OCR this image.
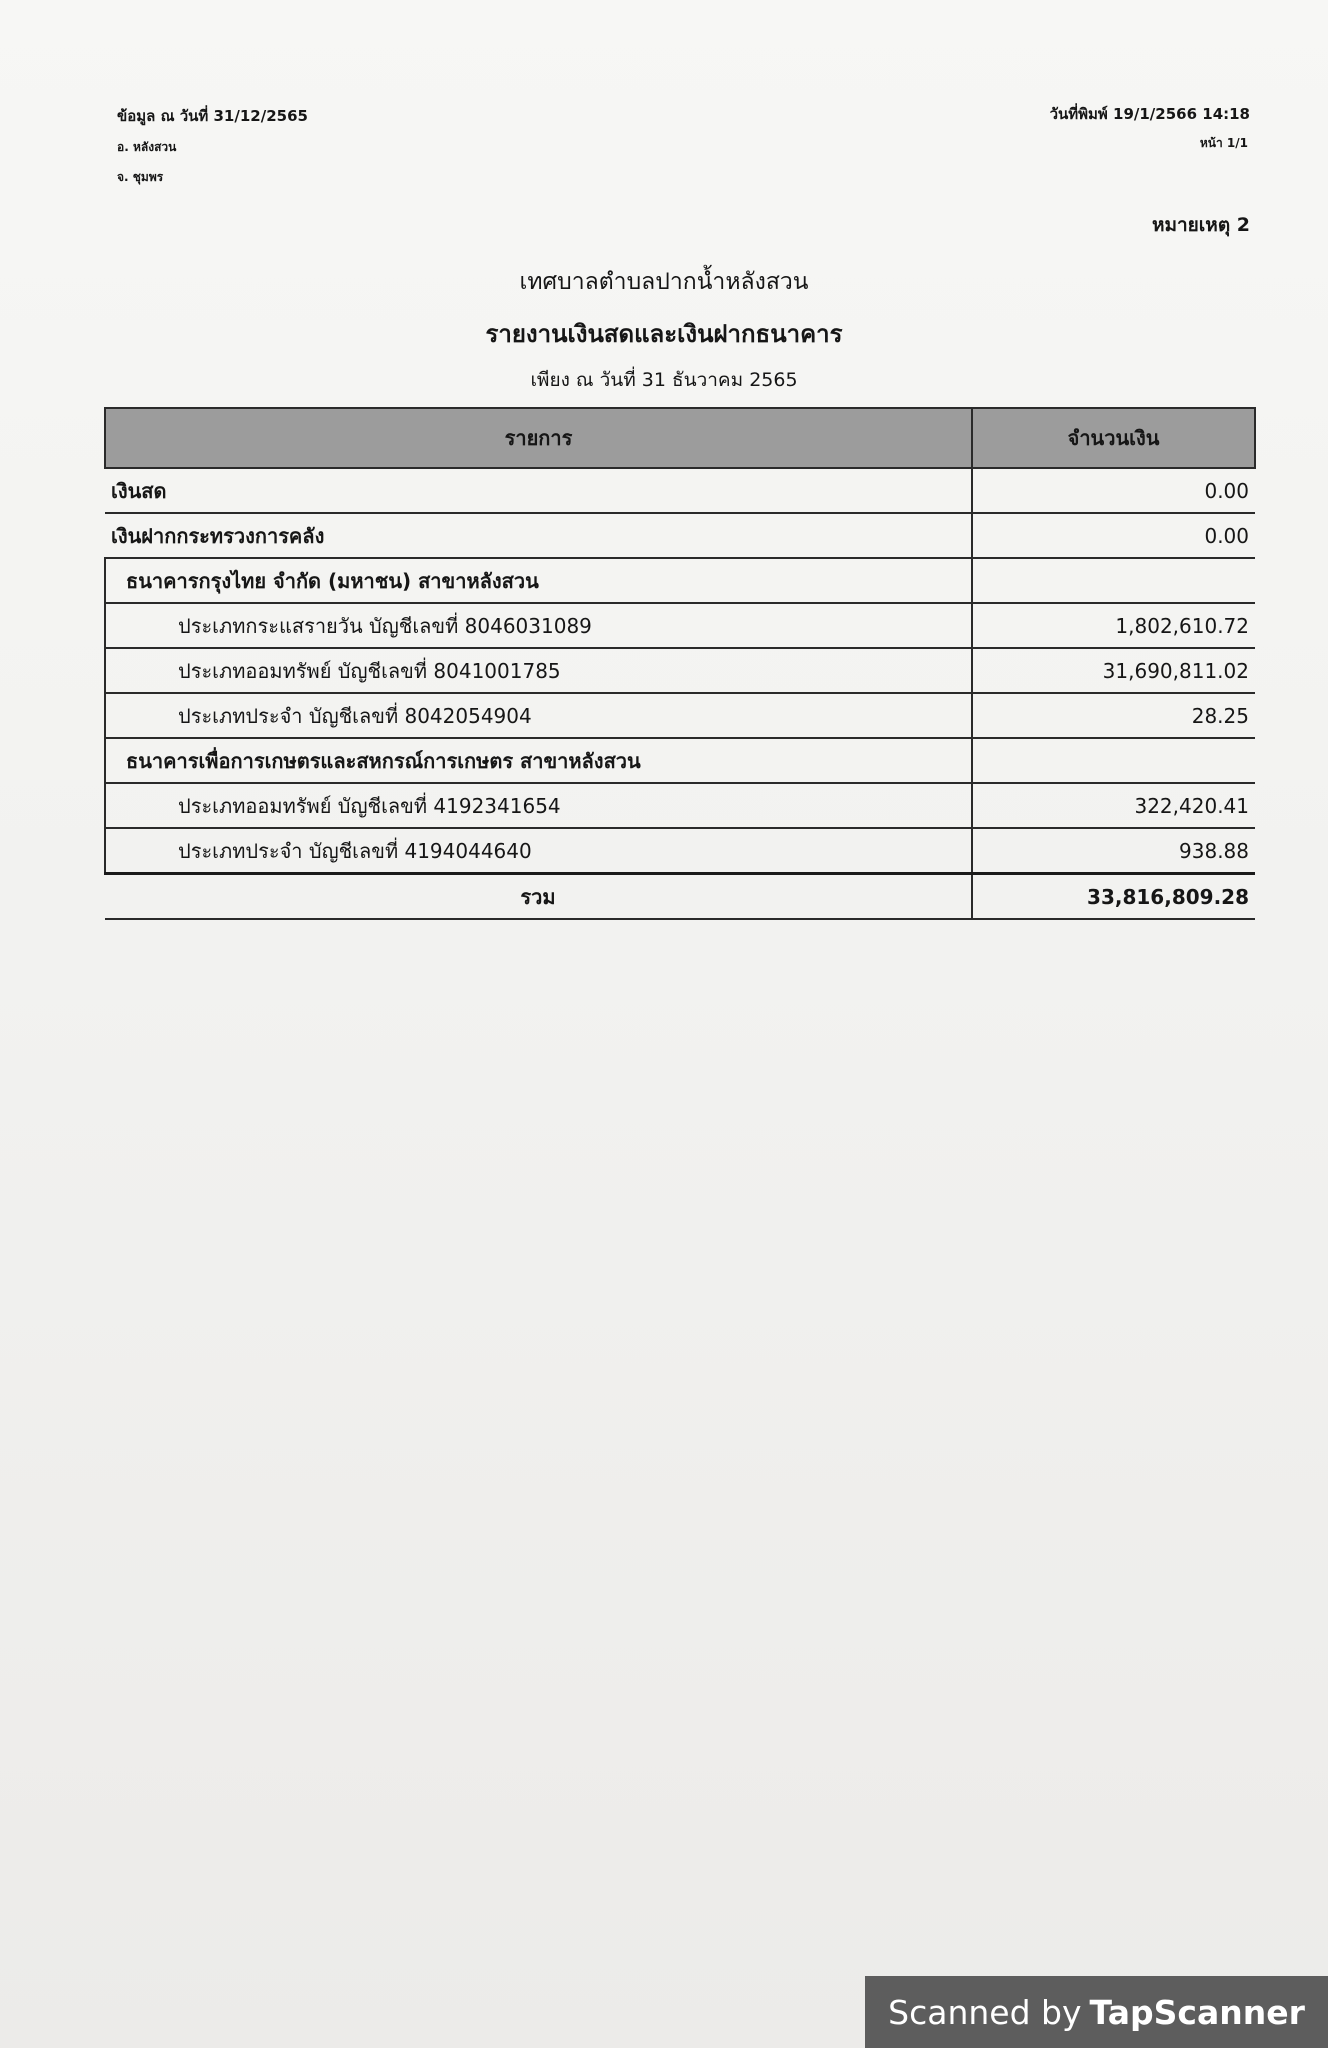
ข้อมูล ณ วันที่ 31/12/2565
อ. หลังสวน
จ. ชุมพร
วันที่พิมพ์ 19/1/2566 14:18
หน้า 1/1
หมายเหตุ 2
เทศบาลตำบลปากน้ำหลังสวน
รายงานเงินสดและเงินฝากธนาคาร
เพียง ณ วันที่ 31 ธันวาคม 2565
รายการ	จำนวนเงิน
เงินสด	0.00
เงินฝากกระทรวงการคลัง	0.00
ธนาคารกรุงไทย จำกัด (มหาชน) สาขาหลังสวน	
ประเภทกระแสรายวัน บัญชีเลขที่ 8046031089	1,802,610.72
ประเภทออมทรัพย์ บัญชีเลขที่ 8041001785	31,690,811.02
ประเภทประจำ บัญชีเลขที่ 8042054904	28.25
ธนาคารเพื่อการเกษตรและสหกรณ์การเกษตร สาขาหลังสวน	
ประเภทออมทรัพย์ บัญชีเลขที่ 4192341654	322,420.41
ประเภทประจำ บัญชีเลขที่ 4194044640	938.88
รวม	33,816,809.28
Scanned by TapScanner
